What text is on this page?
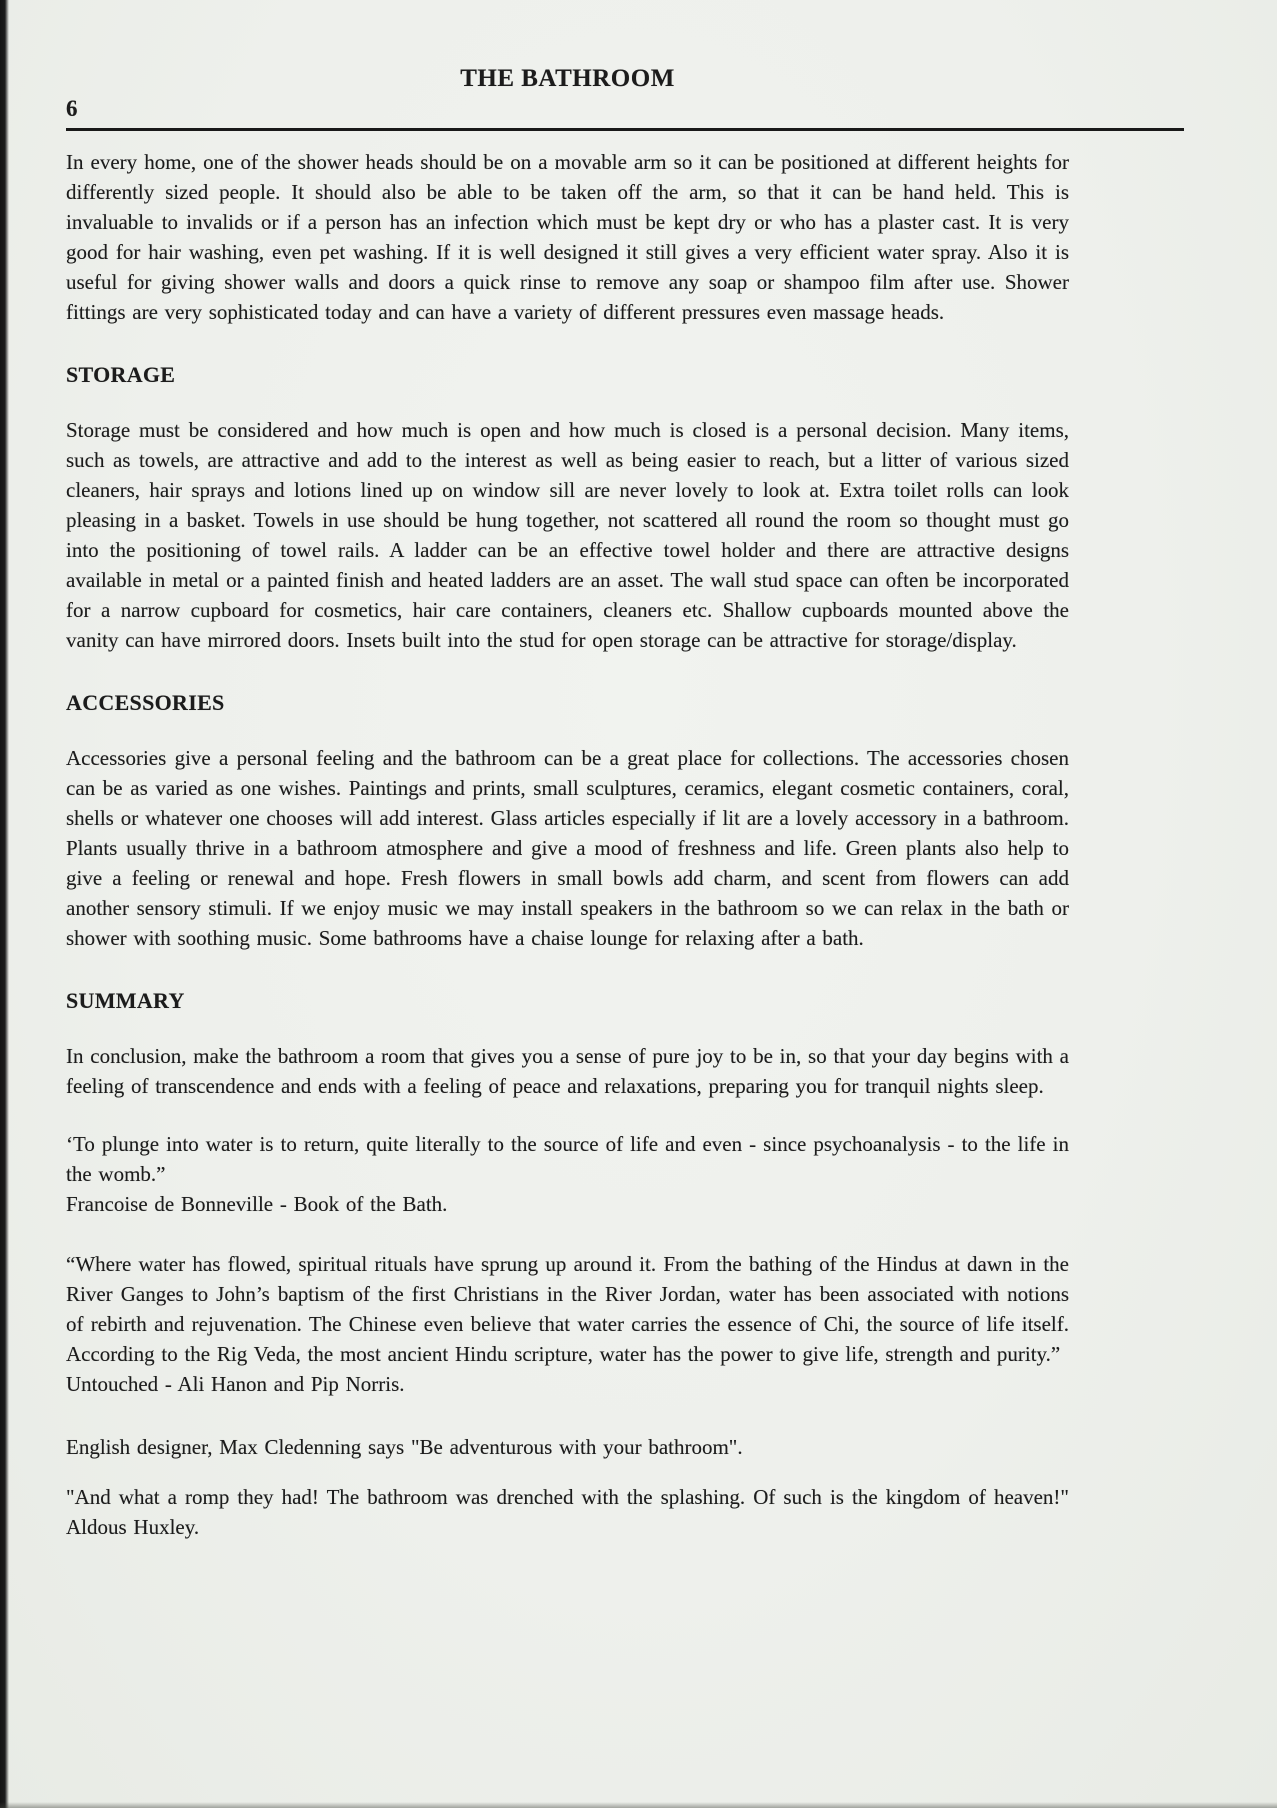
THE BATHROOM
6

In every home, one of the shower heads should be on a movable arm so it can be positioned at different heights for differently sized people. It should also be able to be taken off the arm, so that it can be hand held. This is invaluable to invalids or if a person has an infection which must be kept dry or who has a plaster cast. It is very good for hair washing, even pet washing. If it is well designed it still gives a very efficient water spray. Also it is useful for giving shower walls and doors a quick rinse to remove any soap or shampoo film after use. Shower fittings are very sophisticated today and can have a variety of different pressures even massage heads.

STORAGE

Storage must be considered and how much is open and how much is closed is a personal decision. Many items, such as towels, are attractive and add to the interest as well as being easier to reach, but a litter of various sized cleaners, hair sprays and lotions lined up on window sill are never lovely to look at. Extra toilet rolls can look pleasing in a basket. Towels in use should be hung together, not scattered all round the room so thought must go into the positioning of towel rails. A ladder can be an effective towel holder and there are attractive designs available in metal or a painted finish and heated ladders are an asset. The wall stud space can often be incorporated for a narrow cupboard for cosmetics, hair care containers, cleaners etc. Shallow cupboards mounted above the vanity can have mirrored doors. Insets built into the stud for open storage can be attractive for storage/display.

ACCESSORIES

Accessories give a personal feeling and the bathroom can be a great place for collections. The accessories chosen can be as varied as one wishes. Paintings and prints, small sculptures, ceramics, elegant cosmetic containers, coral, shells or whatever one chooses will add interest. Glass articles especially if lit are a lovely accessory in a bathroom. Plants usually thrive in a bathroom atmosphere and give a mood of freshness and life. Green plants also help to give a feeling or renewal and hope. Fresh flowers in small bowls add charm, and scent from flowers can add another sensory stimuli. If we enjoy music we may install speakers in the bathroom so we can relax in the bath or shower with soothing music. Some bathrooms have a chaise lounge for relaxing after a bath.

SUMMARY

In conclusion, make the bathroom a room that gives you a sense of pure joy to be in, so that your day begins with a feeling of transcendence and ends with a feeling of peace and relaxations, preparing you for tranquil nights sleep.

‘To plunge into water is to return, quite literally to the source of life and even - since psychoanalysis - to the life in the womb.”

Francoise de Bonneville - Book of the Bath.

“Where water has flowed, spiritual rituals have sprung up around it. From the bathing of the Hindus at dawn in the River Ganges to John’s baptism of the first Christians in the River Jordan, water has been associated with notions of rebirth and rejuvenation. The Chinese even believe that water carries the essence of Chi, the source of life itself. According to the Rig Veda, the most ancient Hindu scripture, water has the power to give life, strength and purity.”

Untouched - Ali Hanon and Pip Norris.

English designer, Max Cledenning says "Be adventurous with your bathroom".

"And what a romp they had! The bathroom was drenched with the splashing. Of such is the kingdom of heaven!" Aldous Huxley.
